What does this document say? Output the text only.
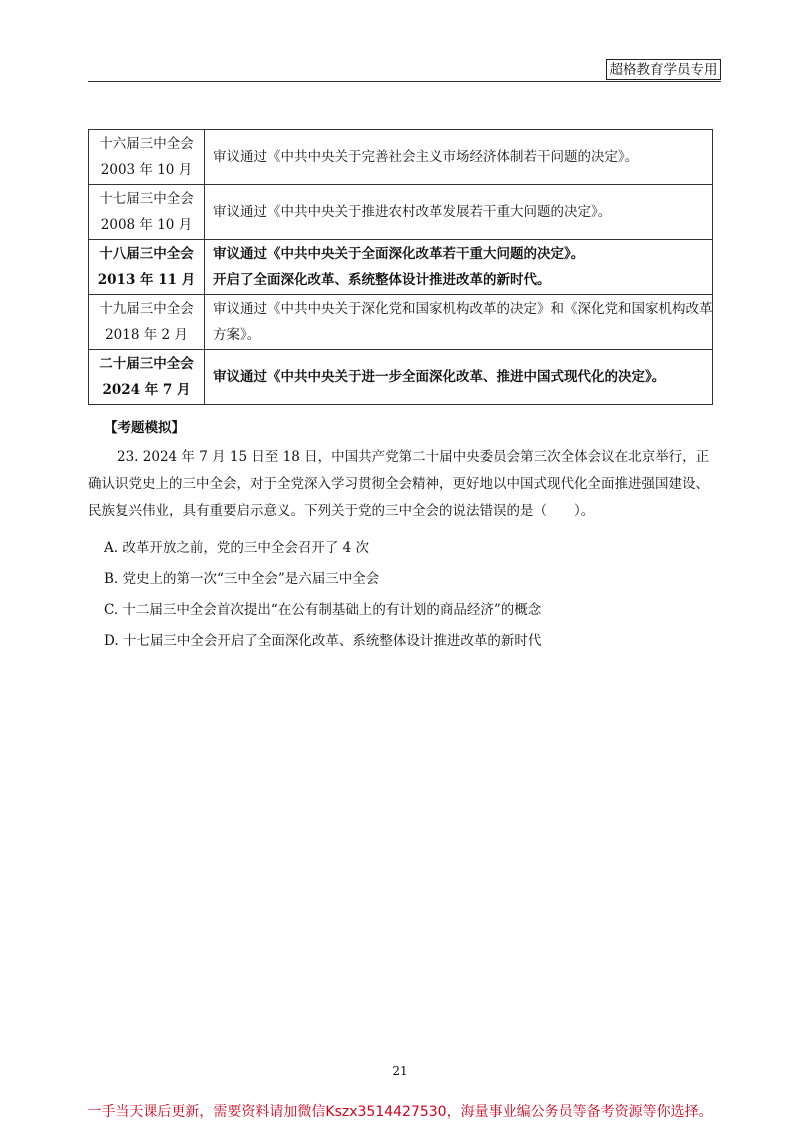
超格教育学员专用
十六届三中全会
2003 年 10 月	审议通过《中共中央关于完善社会主义市场经济体制若干问题的决定》。

十七届三中全会
2008 年 10 月	审议通过《中共中央关于推进农村改革发展若干重大问题的决定》。

十八届三中全会
2013 年 11 月	审议通过《中共中央关于全面深化改革若干重大问题的决定》。
开启了全面深化改革、系统整体设计推进改革的新时代。

十九届三中全会
2018 年 2 月	审议通过《中共中央关于深化党和国家机构改革的决定》和《深化党和国家机构改革
方案》。

二十届三中全会
2024 年 7 月	审议通过《中共中央关于进一步全面深化改革、推进中国式现代化的决定》。
【考题模拟】

23. 2024 年 7 月 15 日至 18 日，中国共产党第二十届中央委员会第三次全体会议在北京举行，正确认识党史上的三中全会，对于全党深入学习贯彻全会精神，更好地以中国式现代化全面推进强国建设、民族复兴伟业，具有重要启示意义。下列关于党的三中全会的说法错误的是（　　）。

A. 改革开放之前，党的三中全会召开了 4 次
B. 党史上的第一次“三中全会”是六届三中全会
C. 十二届三中全会首次提出“在公有制基础上的有计划的商品经济”的概念
D. 十七届三中全会开启了全面深化改革、系统整体设计推进改革的新时代
21
一手当天课后更新，需要资料请加微信Kszx3514427530，海量事业编公务员等备考资源等你选择。
